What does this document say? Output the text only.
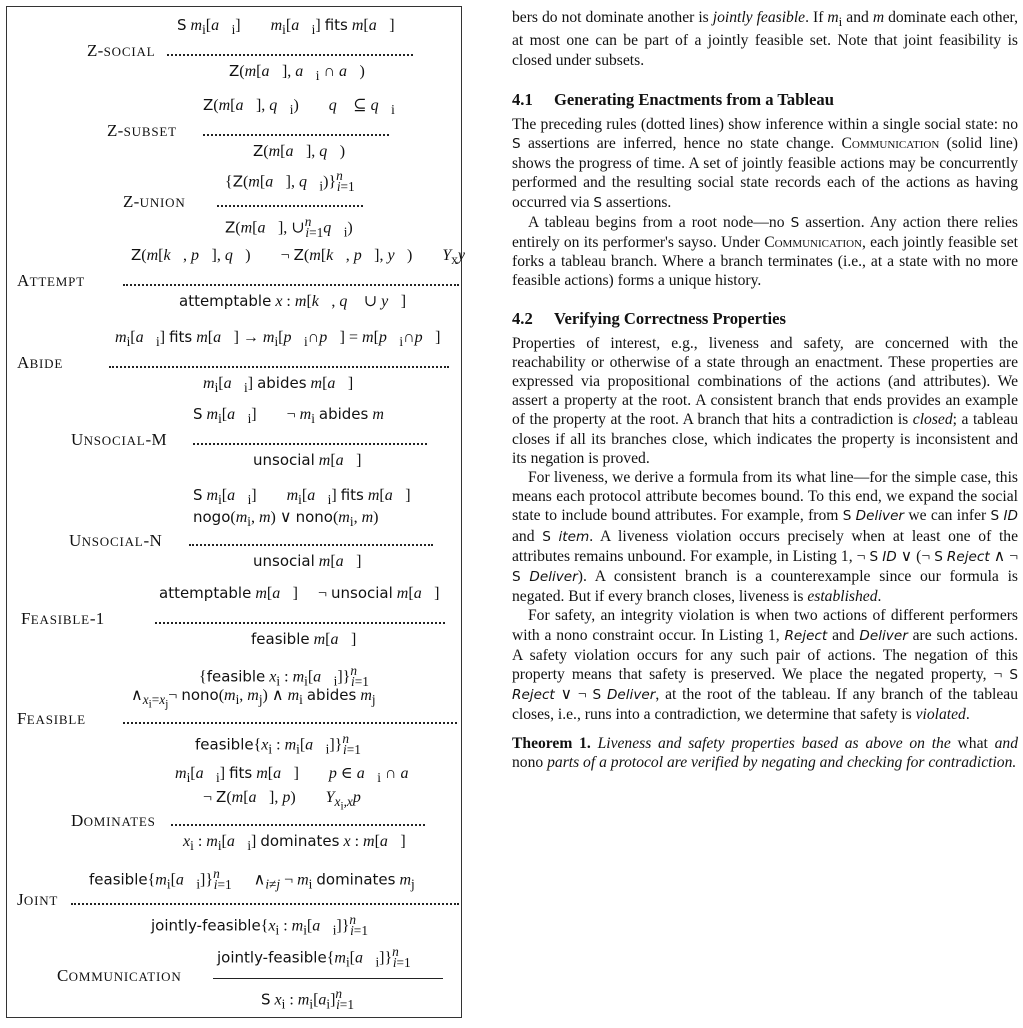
S $m_i[a⃗_i]$ $m_i[a⃗_i]$ fits m[a⃗]
Z-SOCIAL
Z(m[a⃗], $a⃗_i$ ∩ a⃗)
Z(m[a⃗], $q⃗_i$) q⃗ ⊆ $q⃗_i$
Z-SUBSET
Z(m[a⃗], q⃗)
{Z(m[a⃗], $q⃗_i)\}^n_{i=1}$
Z-UNION
Z(m[a⃗], $\cup^n_{i=1}q⃗_i$)
Z(m[k⃗, p⃗], q⃗) ¬ Z(m[k⃗, p⃗], y⃗) $Y_xy⃗$
ATTEMPT
attemptable x : m[k⃗, q⃗ ∪ y⃗]
$m_i[a⃗_i]$ fits m[a⃗] → $m_i[p⃗_i\cap p⃗]$ = $m[p⃗_i\cap p⃗]$
ABIDE
$m_i[a⃗_i]$ abides m[a⃗]
S $m_i[a⃗_i]$ ¬ $m_i$ abides m
UNSOCIAL-M
unsocial m[a⃗]
S $m_i[a⃗_i]$ $m_i[a⃗_i]$ fits m[a⃗]
$nogo(m_i$, m) ∨ $nono(m_i$, m)
UNSOCIAL-N
unsocial m[a⃗]
attemptable m[a⃗] ¬ unsocial m[a⃗]
FEASIBLE-1
feasible m[a⃗]
{feasible $x_i$ : $m_i[a⃗_i]\}^n_{i=1}$
$\wedge_{x_i=x_j}\neg$ $nono(m_i$, $m_j$) ∧ $m_i$ abides $m_j$
FEASIBLE
$feasible\{x_i$ : $m_i[a⃗_i]\}^n_{i=1}$
$m_i[a⃗_i]$ fits m[a⃗] p ∈ $a⃗_i$ ∩ a⃗
¬ Z(m[a⃗], p) $Y_{x_i,x}p$
DOMINATES
$x_i$ : $m_i[a⃗_i]$ dominates x : m[a⃗]
$feasible\{m_i[a⃗_i]\}^n_{i=1}$ $\wedge_{i\ne j}$ ¬ $m_i$ dominates $m_j$
JOINT
jointly-$feasible\{x_i$ : $m_i[a⃗_i]\}^n_{i=1}$
jointly-$feasible\{m_i[a⃗_i]\}^n_{i=1}$
COMMUNICATION
S $x_i$ : $m_i[a_i]^n_{i=1}$

bers do not dominate another is jointly feasible. If $m_i$ and m dominate each other, at most one can be part of a jointly feasible set. Note that joint feasibility is closed under subsets.

4.1 Generating Enactments from a Tableau

The preceding rules (dotted lines) show inference within a single social state: no S assertions are inferred, hence no state change. Communication (solid line) shows the progress of time. A set of jointly feasible actions may be concurrently performed and the resulting social state records each of the actions as having occurred via S assertions.

A tableau begins from a root node—no S assertion. Any action there relies entirely on its performer's sayso. Under Communication, each jointly feasible set forks a tableau branch. Where a branch terminates (i.e., at a state with no more feasible actions) forms a unique history.

4.2 Verifying Correctness Properties

Properties of interest, e.g., liveness and safety, are concerned with the reachability or otherwise of a state through an enactment. These properties are expressed via propositional combinations of the actions (and attributes). We assert a property at the root. A consistent branch that ends provides an example of the property at the root. A branch that hits a contradiction is closed; a tableau closes if all its branches close, which indicates the property is inconsistent and its negation is proved.

For liveness, we derive a formula from its what line—for the simple case, this means each protocol attribute becomes bound. To this end, we expand the social state to include bound attributes. For example, from S Deliver we can infer S ID and S item. A liveness violation occurs precisely when at least one of the attributes remains unbound. For example, in Listing 1, ¬ S ID ∨ (¬ S Reject ∧ ¬ S Deliver). A consistent branch is a counterexample since our formula is negated. But if every branch closes, liveness is established.

For safety, an integrity violation is when two actions of different performers with a nono constraint occur. In Listing 1, Reject and Deliver are such actions. A safety violation occurs for any such pair of actions. The negation of this property means that safety is preserved. We place the negated property, ¬ S Reject ∨ ¬ S Deliver, at the root of the tableau. If any branch of the tableau closes, i.e., runs into a contradiction, we determine that safety is violated.

Theorem 1. Liveness and safety properties based as above on the what and nono parts of a protocol are verified by negating and checking for contradiction.
